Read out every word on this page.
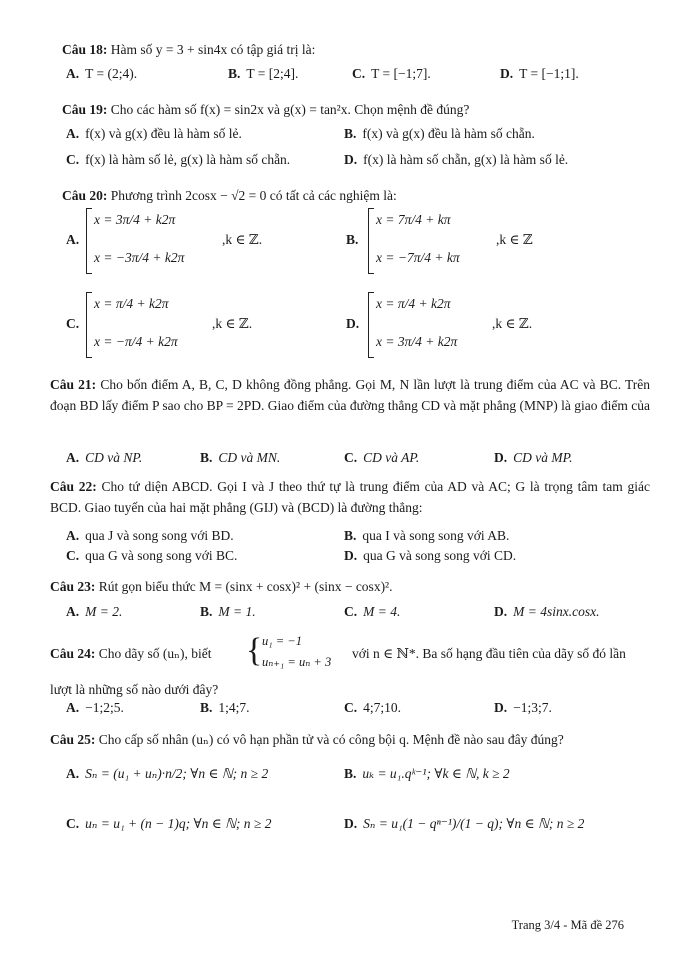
Câu 18: Hàm số y = 3 + sin4x có tập giá trị là:
A. T = (2;4).	B. T = [2;4].	C. T = [−1;7].	D. T = [−1;1].
Câu 19: Cho các hàm số f(x) = sin2x và g(x) = tan²x. Chọn mệnh đề đúng?
A. f(x) và g(x) đều là hàm số lẻ.	B. f(x) và g(x) đều là hàm số chẵn.
C. f(x) là hàm số lẻ, g(x) là hàm số chẵn.	D. f(x) là hàm số chẵn, g(x) là hàm số lẻ.
Câu 20: Phương trình 2cosx − √2 = 0 có tất cả các nghiệm là:
A.
x = 3π/4 + k2π
x = −3π/4 + k2π
,k ∈ ℤ.	B.
x = 7π/4 + kπ
x = −7π/4 + kπ
,k ∈ ℤ
C.
x = π/4 + k2π
x = −π/4 + k2π
,k ∈ ℤ.	D.
x = π/4 + k2π
x = 3π/4 + k2π
,k ∈ ℤ.
Câu 21: Cho bốn điểm A, B, C, D không đồng phẳng. Gọi M, N lần lượt là trung điểm của AC và BC. Trên đoạn BD lấy điểm P sao cho BP = 2PD. Giao điểm của đường thẳng CD và mặt phẳng (MNP) là giao điểm của
A. CD và NP.	B. CD và MN.	C. CD và AP.	D. CD và MP.
Câu 22: Cho tứ diện ABCD. Gọi I và J theo thứ tự là trung điểm của AD và AC; G là trọng tâm tam giác BCD. Giao tuyến của hai mặt phẳng (GIJ) và (BCD) là đường thẳng:
A. qua J và song song với BD.	B. qua I và song song với AB.
C. qua G và song song với BC.	D. qua G và song song với CD.
Câu 23: Rút gọn biểu thức M = (sinx + cosx)² + (sinx − cosx)².
A. M = 2.	B. M = 1.	C. M = 4.	D. M = 4sinx.cosx.
Câu 24: Cho dãy số (uₙ), biết { u₁ = −1
uₙ₊₁ = uₙ + 3
với n ∈ ℕ*. Ba số hạng đầu tiên của dãy số đó lần
lượt là những số nào dưới đây?
A. −1;2;5.	B. 1;4;7.	C. 4;7;10.	D. −1;3;7.
Câu 25: Cho cấp số nhân (uₙ) có vô hạn phần tử và có công bội q. Mệnh đề nào sau đây đúng?
A. Sₙ = (u₁ + uₙ)·n/2; ∀n ∈ ℕ; n ≥ 2	B. uₖ = u₁.qᵏ⁻¹; ∀k ∈ ℕ, k ≥ 2
C. uₙ = u₁ + (n − 1)q; ∀n ∈ ℕ; n ≥ 2	D. Sₙ = u₁(1 − qⁿ⁻¹)/(1 − q); ∀n ∈ ℕ; n ≥ 2
Trang 3/4 - Mã đề 276
